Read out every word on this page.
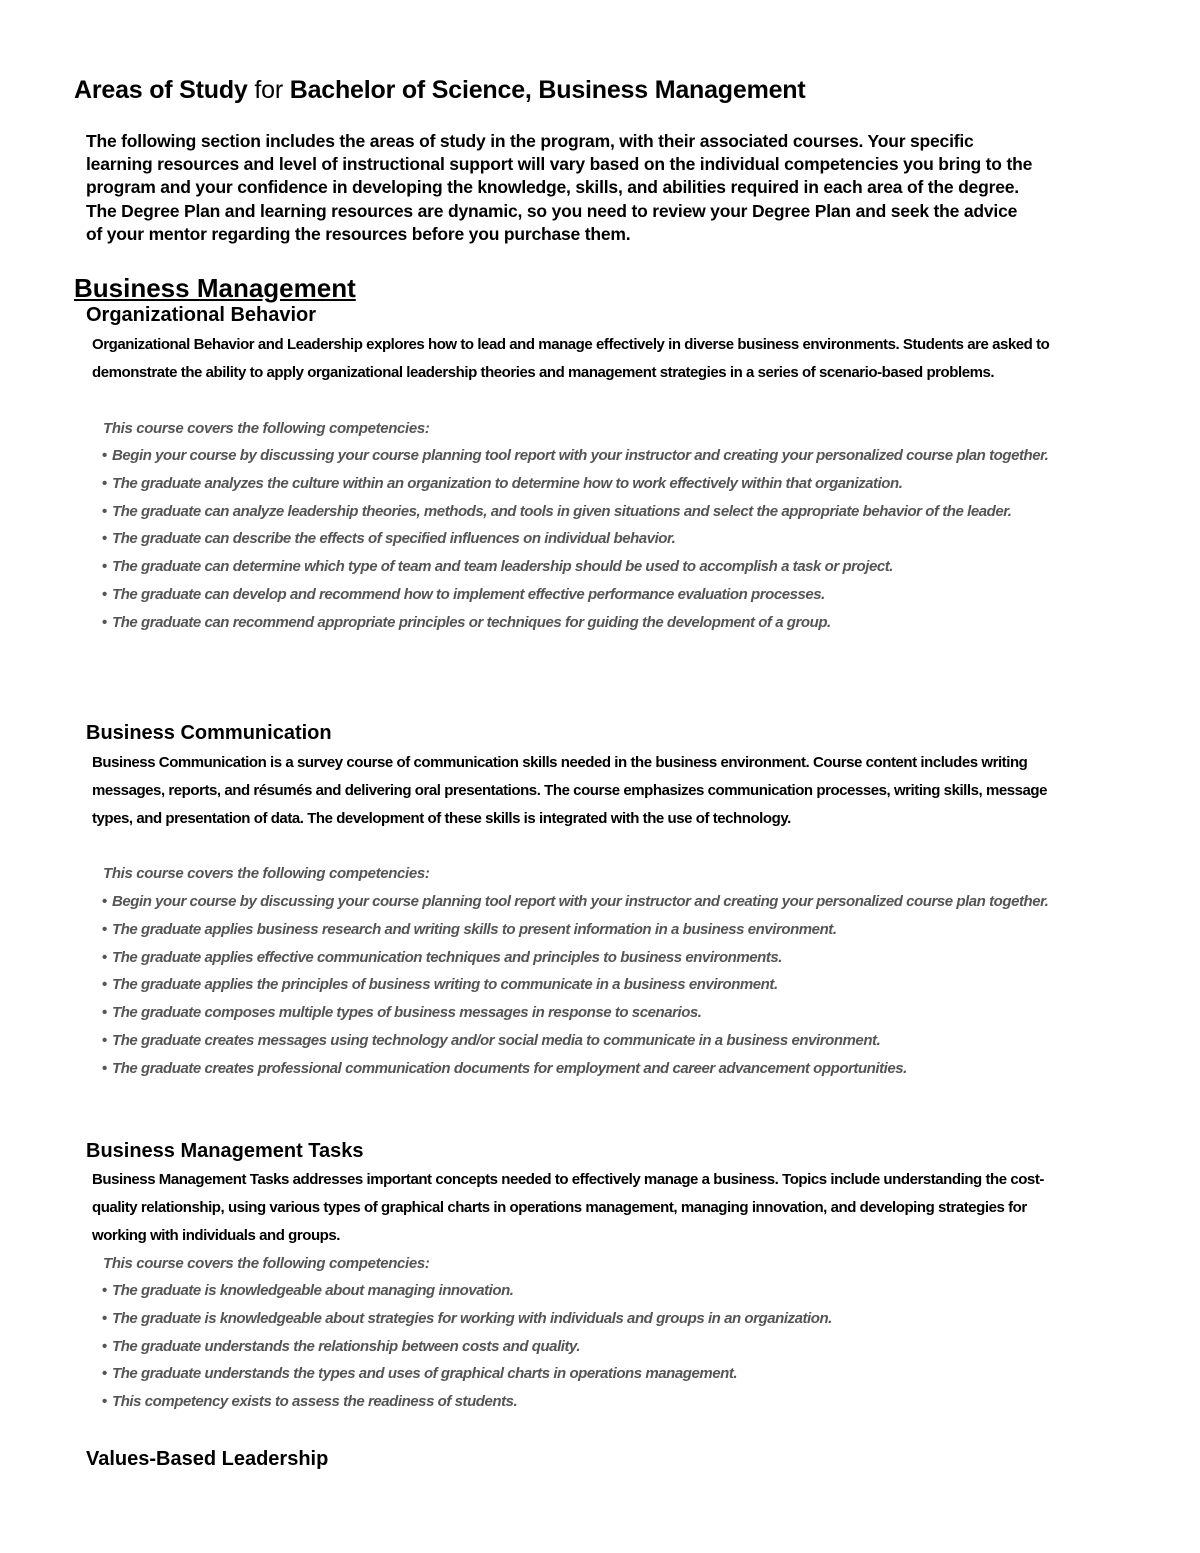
Areas of Study for Bachelor of Science, Business Management

The following section includes the areas of study in the program, with their associated courses. Your specific learning resources and level of instructional support will vary based on the individual competencies you bring to the program and your confidence in developing the knowledge, skills, and abilities required in each area of the degree. The Degree Plan and learning resources are dynamic, so you need to review your Degree Plan and seek the advice of your mentor regarding the resources before you purchase them.

Business Management
Organizational Behavior

Organizational Behavior and Leadership explores how to lead and manage effectively in diverse business environments. Students are asked to demonstrate the ability to apply organizational leadership theories and management strategies in a series of scenario-based problems.

This course covers the following competencies:

• Begin your course by discussing your course planning tool report with your instructor and creating your personalized course plan together.
• The graduate analyzes the culture within an organization to determine how to work effectively within that organization.
• The graduate can analyze leadership theories, methods, and tools in given situations and select the appropriate behavior of the leader.
• The graduate can describe the effects of specified influences on individual behavior.
• The graduate can determine which type of team and team leadership should be used to accomplish a task or project.
• The graduate can develop and recommend how to implement effective performance evaluation processes.
• The graduate can recommend appropriate principles or techniques for guiding the development of a group.
Business Communication

Business Communication is a survey course of communication skills needed in the business environment. Course content includes writing messages, reports, and résumés and delivering oral presentations. The course emphasizes communication processes, writing skills, message types, and presentation of data. The development of these skills is integrated with the use of technology.

This course covers the following competencies:

• Begin your course by discussing your course planning tool report with your instructor and creating your personalized course plan together.
• The graduate applies business research and writing skills to present information in a business environment.
• The graduate applies effective communication techniques and principles to business environments.
• The graduate applies the principles of business writing to communicate in a business environment.
• The graduate composes multiple types of business messages in response to scenarios.
• The graduate creates messages using technology and/or social media to communicate in a business environment.
• The graduate creates professional communication documents for employment and career advancement opportunities.
Business Management Tasks

Business Management Tasks addresses important concepts needed to effectively manage a business. Topics include understanding the cost-quality relationship, using various types of graphical charts in operations management, managing innovation, and developing strategies for working with individuals and groups.

This course covers the following competencies:

• The graduate is knowledgeable about managing innovation.
• The graduate is knowledgeable about strategies for working with individuals and groups in an organization.
• The graduate understands the relationship between costs and quality.
• The graduate understands the types and uses of graphical charts in operations management.
• This competency exists to assess the readiness of students.
Values-Based Leadership
